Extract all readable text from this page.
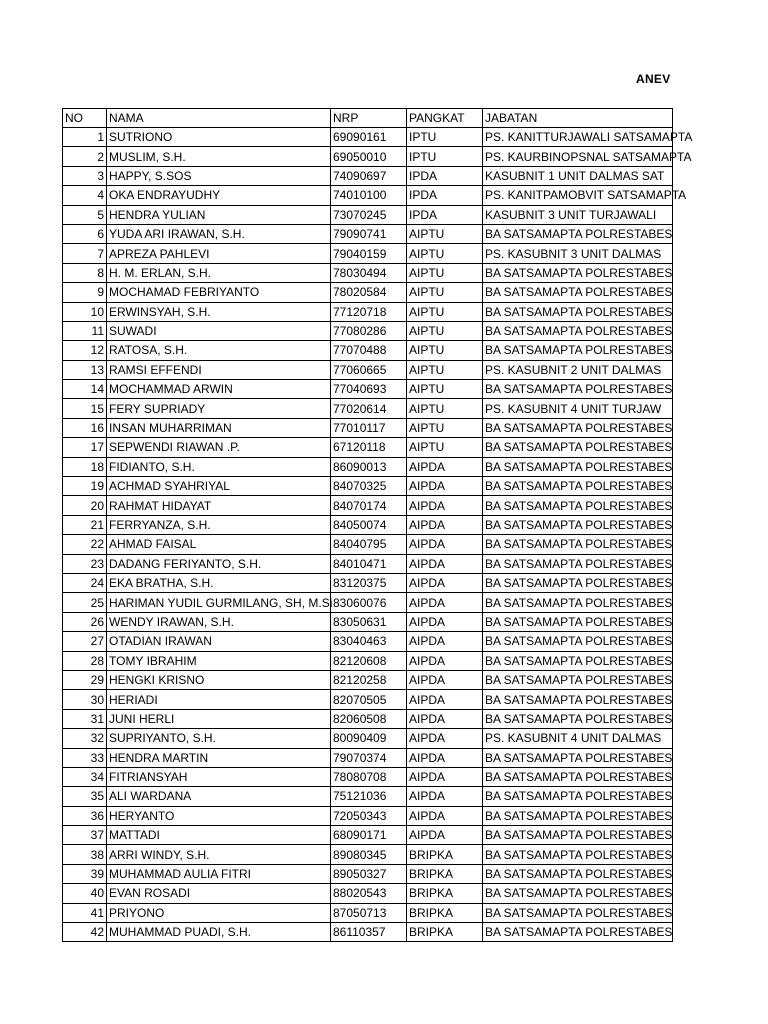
ANEV
NO	NAMA	NRP	PANGKAT	JABATAN
1	SUTRIONO	69090161	IPTU	PS. KANITTURJAWALI SATSAMAPTA
2	MUSLIM, S.H.	69050010	IPTU	PS. KAURBINOPSNAL SATSAMAPTA
3	HAPPY, S.SOS	74090697	IPDA	KASUBNIT 1 UNIT DALMAS SAT
4	OKA ENDRAYUDHY	74010100	IPDA	PS. KANITPAMOBVIT SATSAMAPTA
5	HENDRA YULIAN	73070245	IPDA	KASUBNIT 3 UNIT TURJAWALI
6	YUDA ARI IRAWAN, S.H.	79090741	AIPTU	BA SATSAMAPTA POLRESTABES
7	APREZA PAHLEVI	79040159	AIPTU	PS. KASUBNIT 3 UNIT DALMAS
8	H. M. ERLAN, S.H.	78030494	AIPTU	BA SATSAMAPTA POLRESTABES
9	MOCHAMAD FEBRIYANTO	78020584	AIPTU	BA SATSAMAPTA POLRESTABES
10	ERWINSYAH, S.H.	77120718	AIPTU	BA SATSAMAPTA POLRESTABES
11	SUWADI	77080286	AIPTU	BA SATSAMAPTA POLRESTABES
12	RATOSA, S.H.	77070488	AIPTU	BA SATSAMAPTA POLRESTABES
13	RAMSI EFFENDI	77060665	AIPTU	PS. KASUBNIT 2 UNIT DALMAS
14	MOCHAMMAD ARWIN	77040693	AIPTU	BA SATSAMAPTA POLRESTABES
15	FERY SUPRIADY	77020614	AIPTU	PS. KASUBNIT 4 UNIT TURJAW
16	INSAN MUHARRIMAN	77010117	AIPTU	BA SATSAMAPTA POLRESTABES
17	SEPWENDI RIAWAN .P.	67120118	AIPTU	BA SATSAMAPTA POLRESTABES
18	FIDIANTO, S.H.	86090013	AIPDA	BA SATSAMAPTA POLRESTABES
19	ACHMAD SYAHRIYAL	84070325	AIPDA	BA SATSAMAPTA POLRESTABES
20	RAHMAT HIDAYAT	84070174	AIPDA	BA SATSAMAPTA POLRESTABES
21	FERRYANZA, S.H.	84050074	AIPDA	BA SATSAMAPTA POLRESTABES
22	AHMAD FAISAL	84040795	AIPDA	BA SATSAMAPTA POLRESTABES
23	DADANG FERIYANTO, S.H.	84010471	AIPDA	BA SATSAMAPTA POLRESTABES
24	EKA BRATHA, S.H.	83120375	AIPDA	BA SATSAMAPTA POLRESTABES
25	HARIMAN YUDIL GURMILANG, SH, M.Si	83060076	AIPDA	BA SATSAMAPTA POLRESTABES
26	WENDY IRAWAN, S.H.	83050631	AIPDA	BA SATSAMAPTA POLRESTABES
27	OTADIAN IRAWAN	83040463	AIPDA	BA SATSAMAPTA POLRESTABES
28	TOMY IBRAHIM	82120608	AIPDA	BA SATSAMAPTA POLRESTABES
29	HENGKI KRISNO	82120258	AIPDA	BA SATSAMAPTA POLRESTABES
30	HERIADI	82070505	AIPDA	BA SATSAMAPTA POLRESTABES
31	JUNI HERLI	82060508	AIPDA	BA SATSAMAPTA POLRESTABES
32	SUPRIYANTO, S.H.	80090409	AIPDA	PS. KASUBNIT 4 UNIT DALMAS
33	HENDRA MARTIN	79070374	AIPDA	BA SATSAMAPTA POLRESTABES
34	FITRIANSYAH	78080708	AIPDA	BA SATSAMAPTA POLRESTABES
35	ALI WARDANA	75121036	AIPDA	BA SATSAMAPTA POLRESTABES
36	HERYANTO	72050343	AIPDA	BA SATSAMAPTA POLRESTABES
37	MATTADI	68090171	AIPDA	BA SATSAMAPTA POLRESTABES
38	ARRI WINDY, S.H.	89080345	BRIPKA	BA SATSAMAPTA POLRESTABES
39	MUHAMMAD AULIA FITRI	89050327	BRIPKA	BA SATSAMAPTA POLRESTABES
40	EVAN ROSADI	88020543	BRIPKA	BA SATSAMAPTA POLRESTABES
41	PRIYONO	87050713	BRIPKA	BA SATSAMAPTA POLRESTABES
42	MUHAMMAD PUADI, S.H.	86110357	BRIPKA	BA SATSAMAPTA POLRESTABES
